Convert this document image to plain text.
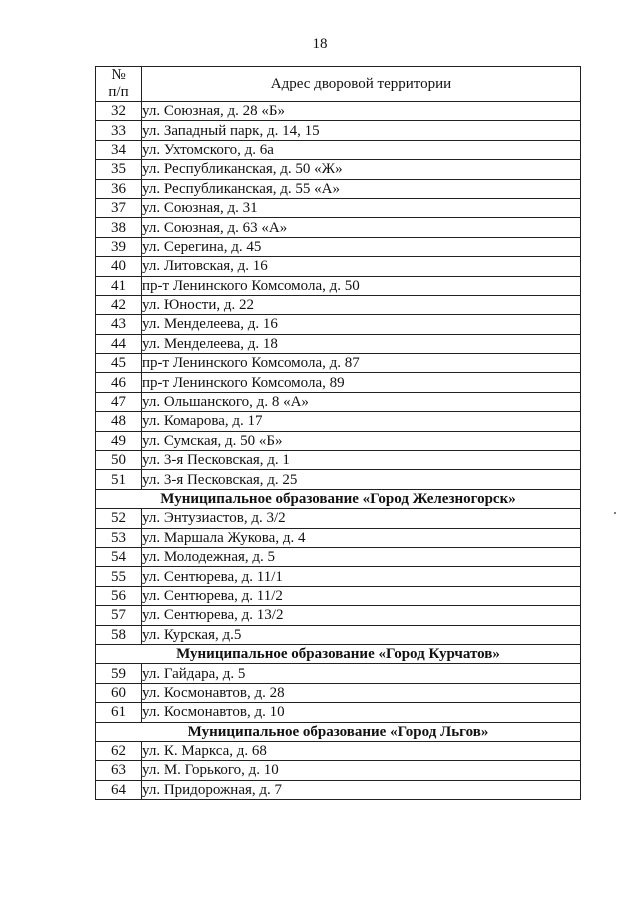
18
№
п/п	Адрес дворовой территории
32	ул. Союзная, д. 28 «Б»
33	ул. Западный парк, д. 14, 15
34	ул. Ухтомского, д. 6а
35	ул. Республиканская, д. 50 «Ж»
36	ул. Республиканская, д. 55 «А»
37	ул. Союзная, д. 31
38	ул. Союзная, д. 63 «А»
39	ул. Серегина, д. 45
40	ул. Литовская, д. 16
41	пр-т Ленинского Комсомола, д. 50
42	ул. Юности, д. 22
43	ул. Менделеева, д. 16
44	ул. Менделеева, д. 18
45	пр-т Ленинского Комсомола, д. 87
46	пр-т Ленинского Комсомола, 89
47	ул. Ольшанского, д. 8 «А»
48	ул. Комарова, д. 17
49	ул. Сумская, д. 50 «Б»
50	ул. 3-я Песковская, д. 1
51	ул. 3-я Песковская, д. 25
Муниципальное образование «Город Железногорск»	
52	ул. Энтузиастов, д. 3/2
53	ул. Маршала Жукова, д. 4
54	ул. Молодежная, д. 5
55	ул. Сентюрева, д. 11/1
56	ул. Сентюрева, д. 11/2
57	ул. Сентюрева, д. 13/2
58	ул. Курская, д.5
Муниципальное образование «Город Курчатов»	
59	ул. Гайдара, д. 5
60	ул. Космонавтов, д. 28
61	ул. Космонавтов, д. 10
Муниципальное образование «Город Льгов»	
62	ул. К. Маркса, д. 68
63	ул. М. Горького, д. 10
64	ул. Придорожная, д. 7
